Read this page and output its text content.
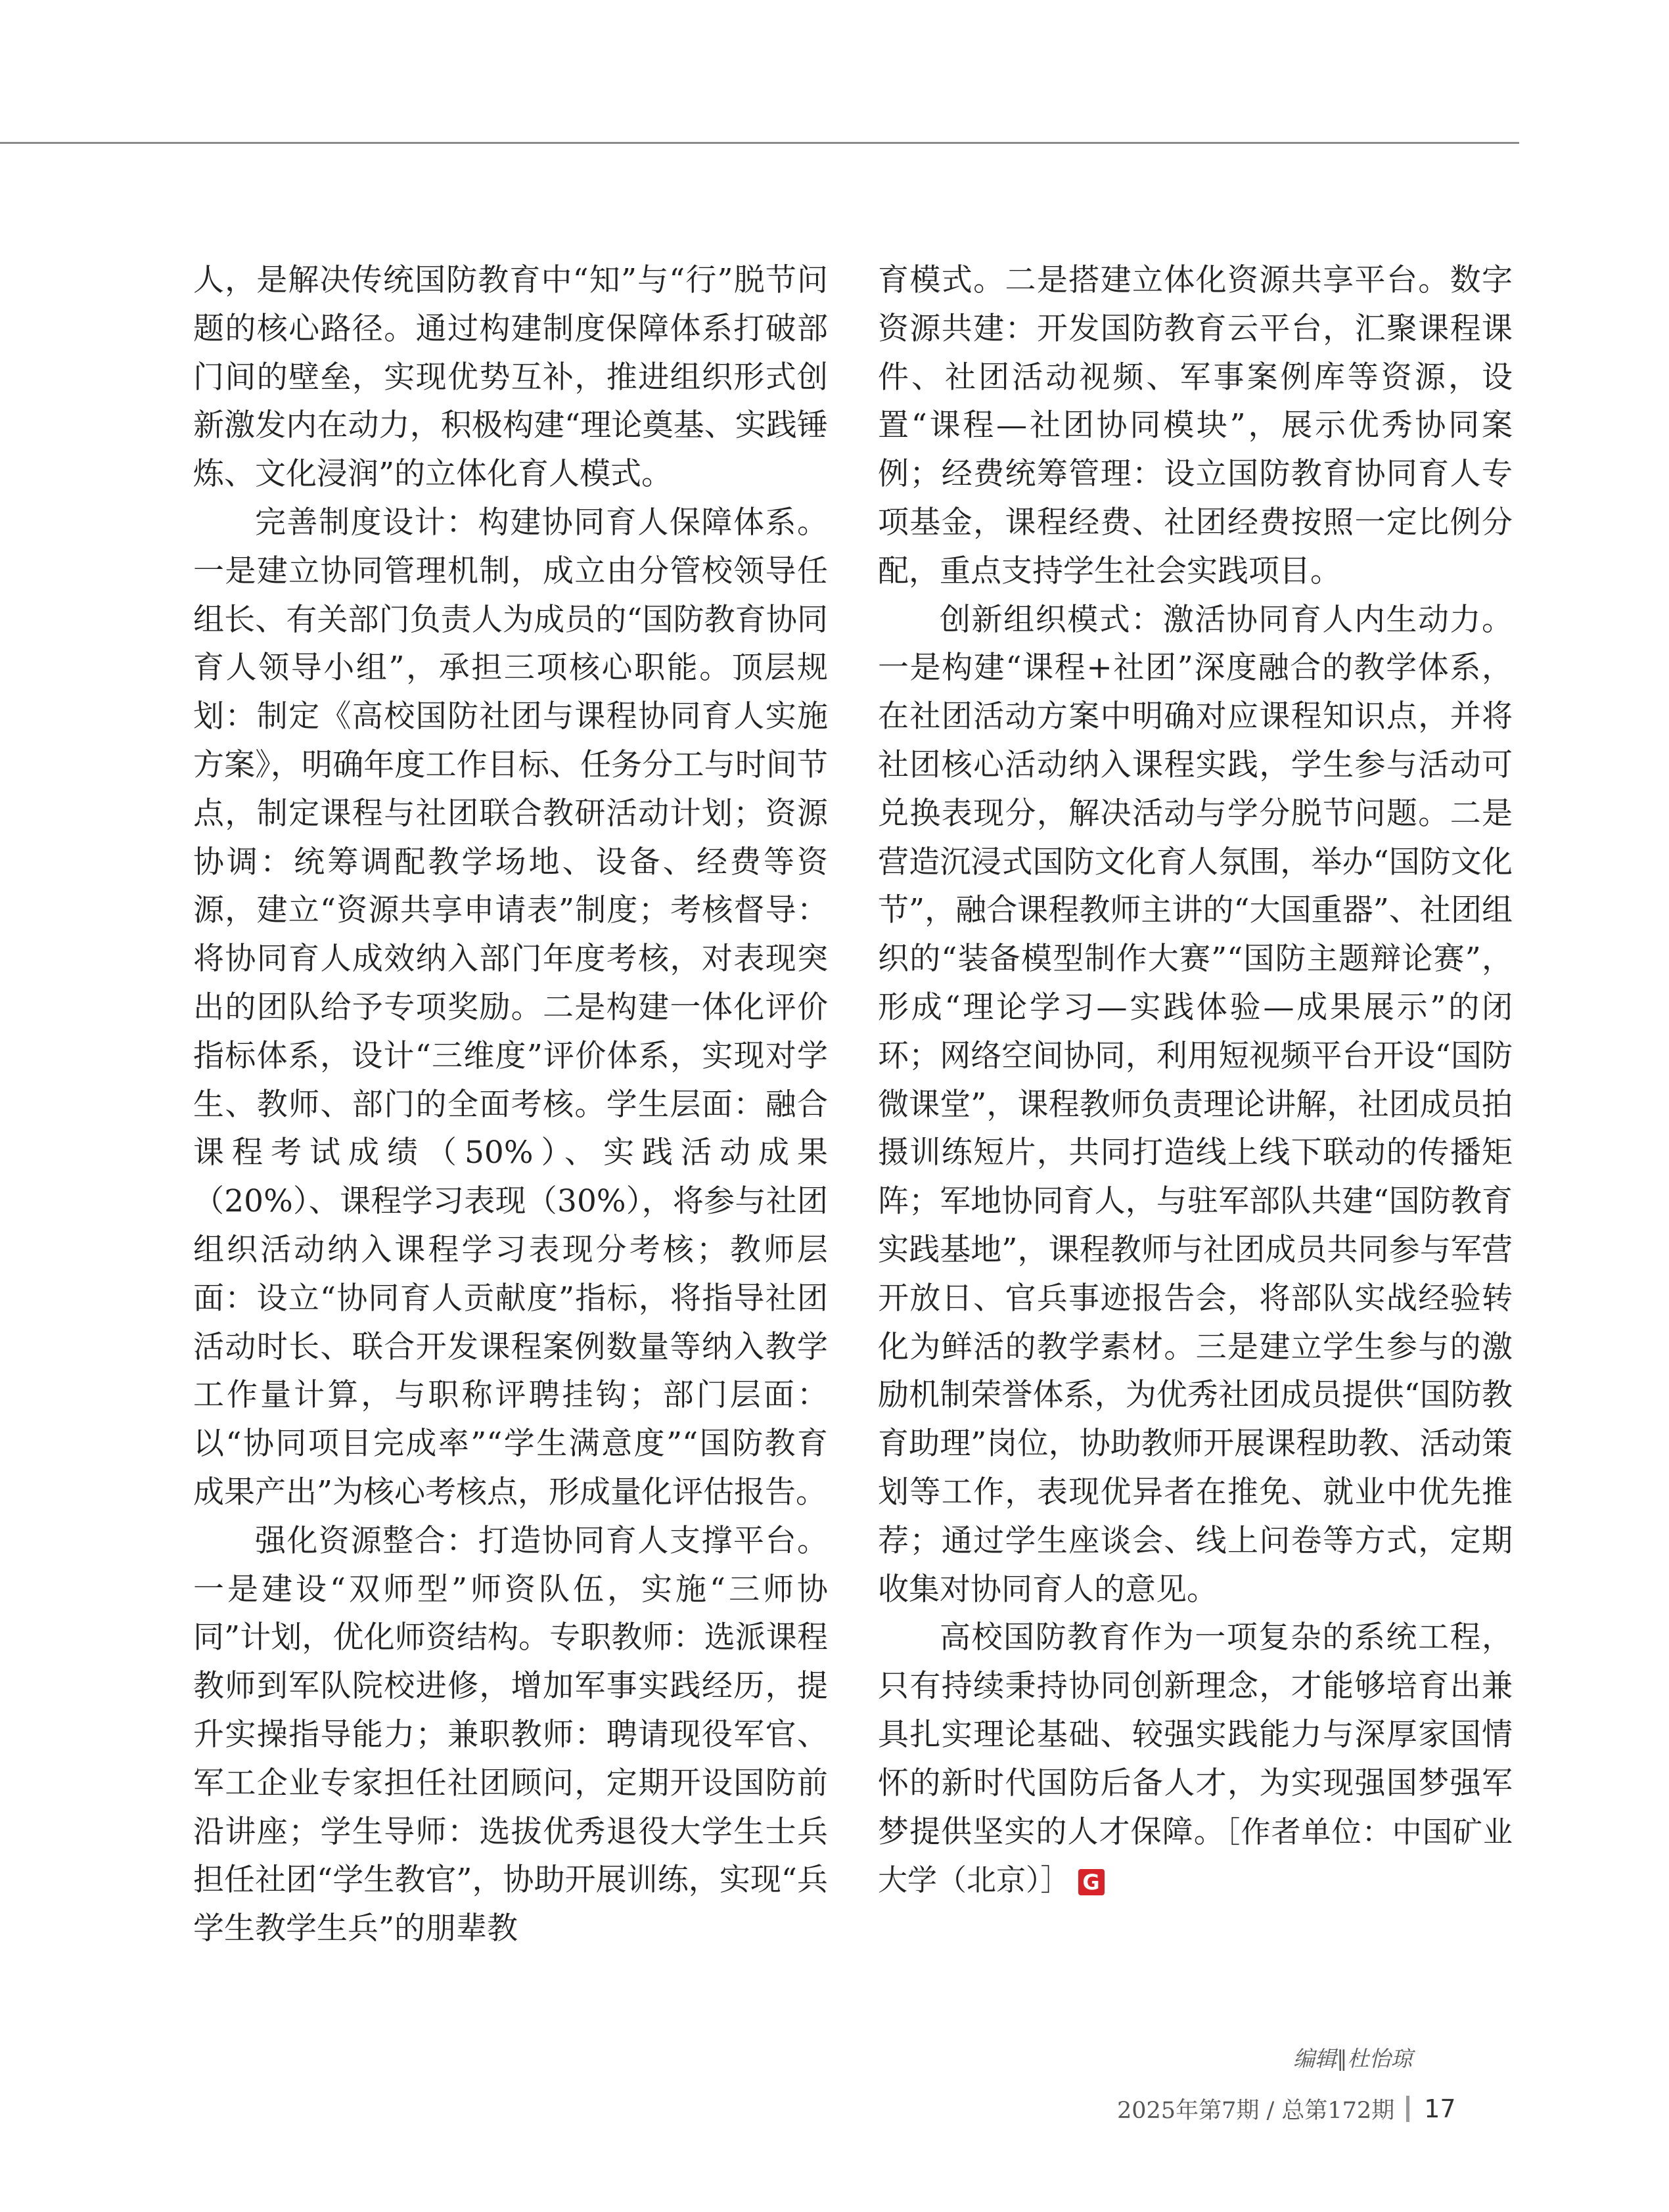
人，是解决传统国防教育中“知”与“行”脱节问题的核心路径。通过构建制度保障体系打破部门间的壁垒，实现优势互补，推进组织形式创新激发内在动力，积极构建“理论奠基、实践锤炼、文化浸润”的立体化育人模式。

完善制度设计：构建协同育人保障体系。一是建立协同管理机制，成立由分管校领导任组长、有关部门负责人为成员的“国防教育协同育人领导小组”，承担三项核心职能。顶层规划：制定《高校国防社团与课程协同育人实施方案》，明确年度工作目标、任务分工与时间节点，制定课程与社团联合教研活动计划；资源协调：统筹调配教学场地、设备、经费等资源，建立“资源共享申请表”制度；考核督导：将协同育人成效纳入部门年度考核，对表现突出的团队给予专项奖励。二是构建一体化评价指标体系，设计“三维度”评价体系，实现对学生、教师、部门的全面考核。学生层面：融合课程考试成绩（50%）、实践活动成果（20%）、课程学习表现（30%），将参与社团组织活动纳入课程学习表现分考核；教师层面：设立“协同育人贡献度”指标，将指导社团活动时长、联合开发课程案例数量等纳入教学工作量计算，与职称评聘挂钩；部门层面：以“协同项目完成率”“学生满意度”“国防教育成果产出”为核心考核点，形成量化评估报告。

强化资源整合：打造协同育人支撑平台。一是建设“双师型”师资队伍，实施“三师协同”计划，优化师资结构。专职教师：选派课程教师到军队院校进修，增加军事实践经历，提升实操指导能力；兼职教师：聘请现役军官、军工企业专家担任社团顾问，定期开设国防前沿讲座；学生导师：选拔优秀退役大学生士兵担任社团“学生教官”，协助开展训练，实现“兵学生教学生兵”的朋辈教

育模式。二是搭建立体化资源共享平台。数字资源共建：开发国防教育云平台，汇聚课程课件、社团活动视频、军事案例库等资源，设置“课程—社团协同模块”，展示优秀协同案例；经费统筹管理：设立国防教育协同育人专项基金，课程经费、社团经费按照一定比例分配，重点支持学生社会实践项目。

创新组织模式：激活协同育人内生动力。一是构建“课程+社团”深度融合的教学体系，在社团活动方案中明确对应课程知识点，并将社团核心活动纳入课程实践，学生参与活动可兑换表现分，解决活动与学分脱节问题。二是营造沉浸式国防文化育人氛围，举办“国防文化节”，融合课程教师主讲的“大国重器”、社团组织的“装备模型制作大赛”“国防主题辩论赛”，形成“理论学习—实践体验—成果展示”的闭环；网络空间协同，利用短视频平台开设“国防微课堂”，课程教师负责理论讲解，社团成员拍摄训练短片，共同打造线上线下联动的传播矩阵；军地协同育人，与驻军部队共建“国防教育实践基地”，课程教师与社团成员共同参与军营开放日、官兵事迹报告会，将部队实战经验转化为鲜活的教学素材。三是建立学生参与的激励机制荣誉体系，为优秀社团成员提供“国防教育助理”岗位，协助教师开展课程助教、活动策划等工作，表现优异者在推免、就业中优先推荐；通过学生座谈会、线上问卷等方式，定期收集对协同育人的意见。

高校国防教育作为一项复杂的系统工程，只有持续秉持协同创新理念，才能够培育出兼具扎实理论基础、较强实践能力与深厚家国情怀的新时代国防后备人才，为实现强国梦强军梦提供坚实的人才保障。［作者单位：中国矿业大学（北京）］ G

编辑∥杜怡琼
2025年第7期 / 总第172期 17
